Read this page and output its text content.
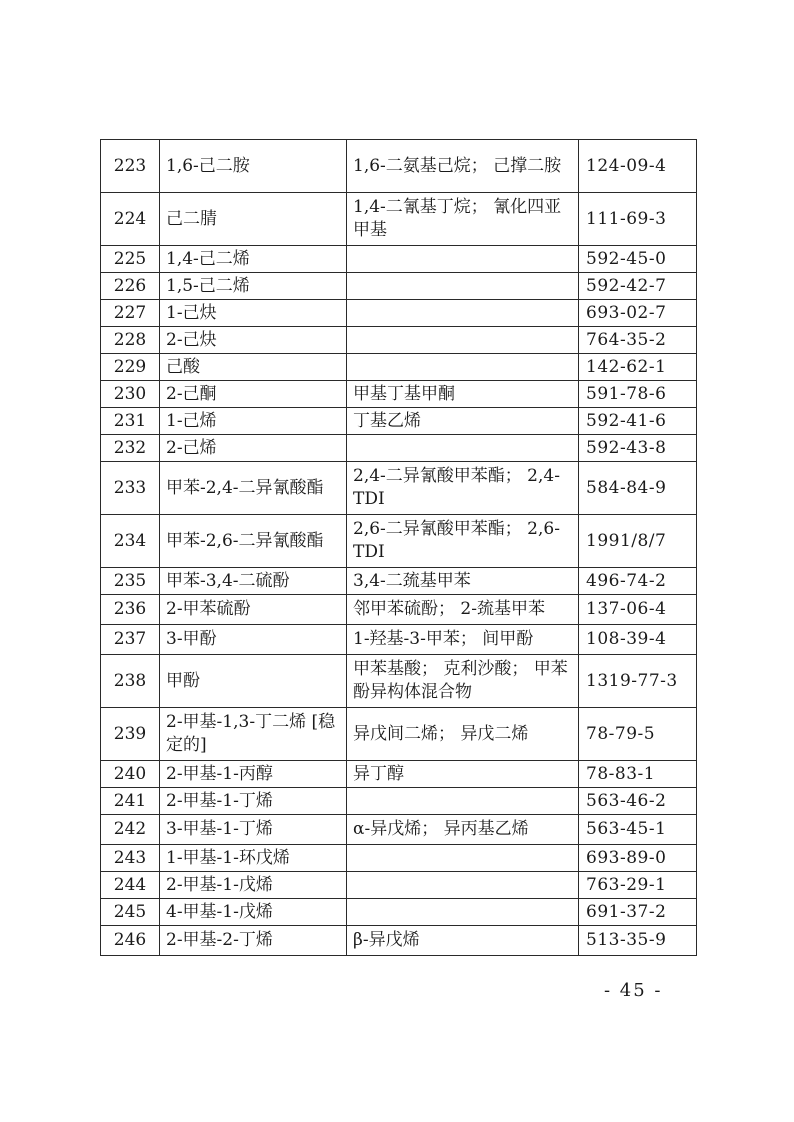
223	1,6-己二胺	1,6-二氨基己烷； 己撑二胺	124-09-4
224	己二腈	1,4-二氰基丁烷； 氰化四亚甲基	111-69-3
225	1,4-己二烯		592-45-0
226	1,5-己二烯		592-42-7
227	1-己炔		693-02-7
228	2-己炔		764-35-2
229	己酸		142-62-1
230	2-己酮	甲基丁基甲酮	591-78-6
231	1-己烯	丁基乙烯	592-41-6
232	2-己烯		592-43-8
233	甲苯-2,4-二异氰酸酯	2,4-二异氰酸甲苯酯； 2,4-TDI	584-84-9
234	甲苯-2,6-二异氰酸酯	2,6-二异氰酸甲苯酯； 2,6-TDI	1991/8/7
235	甲苯-3,4-二硫酚	3,4-二巯基甲苯	496-74-2
236	2-甲苯硫酚	邻甲苯硫酚； 2-巯基甲苯	137-06-4
237	3-甲酚	1-羟基-3-甲苯； 间甲酚	108-39-4
238	甲酚	甲苯基酸； 克利沙酸； 甲苯酚异构体混合物	1319-77-3
239	2-甲基-1,3-丁二烯 [稳定的]	异戊间二烯； 异戊二烯	78-79-5
240	2-甲基-1-丙醇	异丁醇	78-83-1
241	2-甲基-1-丁烯		563-46-2
242	3-甲基-1-丁烯	α-异戊烯； 异丙基乙烯	563-45-1
243	1-甲基-1-环戊烯		693-89-0
244	2-甲基-1-戊烯		763-29-1
245	4-甲基-1-戊烯		691-37-2
246	2-甲基-2-丁烯	β-异戊烯	513-35-9
- 45 -
